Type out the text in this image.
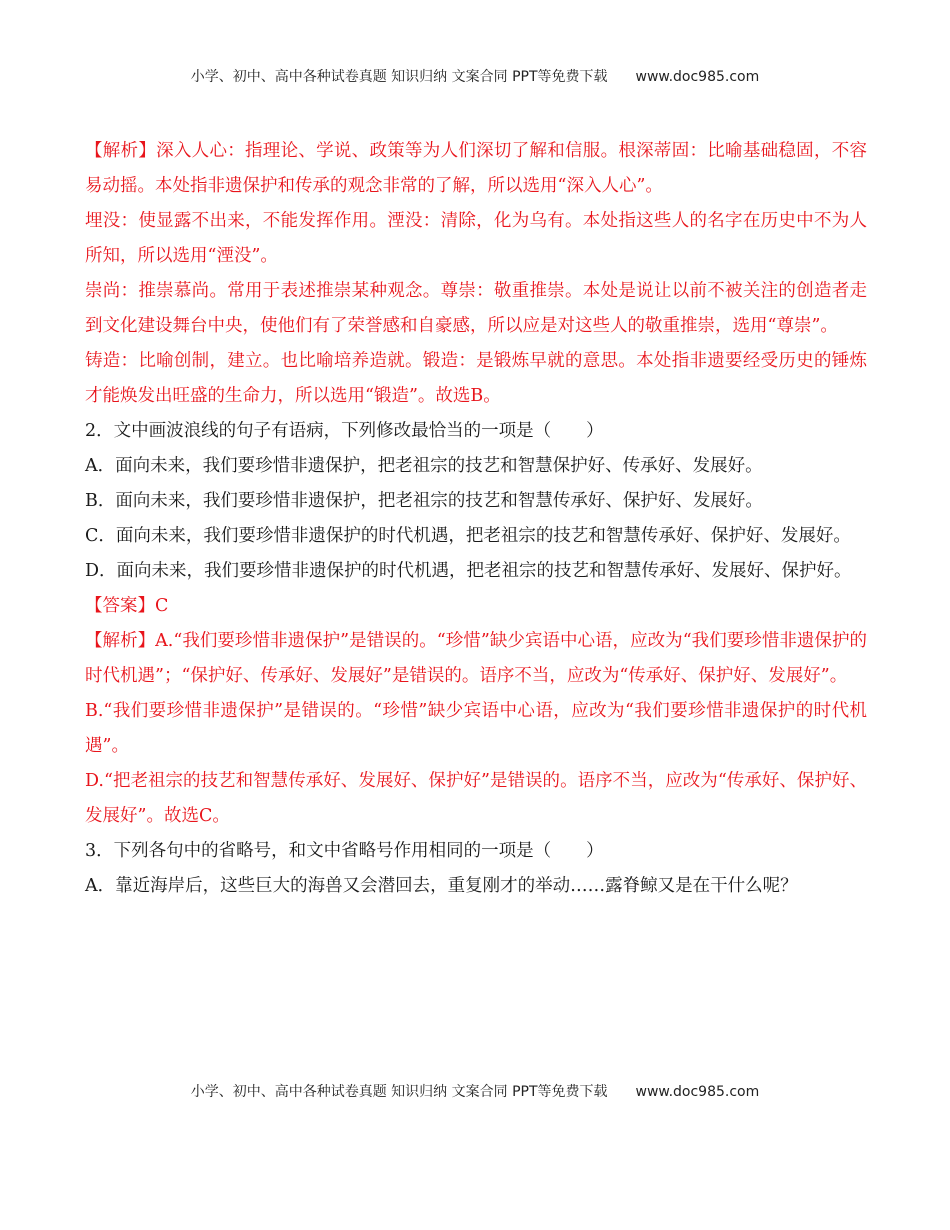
小学、初中、高中各种试卷真题 知识归纳 文案合同 PPT等免费下载 www.doc985.com

【解析】深入人心：指理论、学说、政策等为人们深切了解和信服。根深蒂固：比喻基础稳固，不容易动摇。本处指非遗保护和传承的观念非常的了解，所以选用“深入人心”。

埋没：使显露不出来，不能发挥作用。湮没：清除，化为乌有。本处指这些人的名字在历史中不为人所知，所以选用“湮没”。

崇尚：推崇慕尚。常用于表述推崇某种观念。尊崇：敬重推崇。本处是说让以前不被关注的创造者走到文化建设舞台中央，使他们有了荣誉感和自豪感，所以应是对这些人的敬重推崇，选用“尊崇”。

铸造：比喻创制，建立。也比喻培养造就。锻造：是锻炼早就的意思。本处指非遗要经受历史的锤炼才能焕发出旺盛的生命力，所以选用“锻造”。故选B。

2．文中画波浪线的句子有语病，下列修改最恰当的一项是（　　）

A．面向未来，我们要珍惜非遗保护，把老祖宗的技艺和智慧保护好、传承好、发展好。

B．面向未来，我们要珍惜非遗保护，把老祖宗的技艺和智慧传承好、保护好、发展好。

C．面向未来，我们要珍惜非遗保护的时代机遇，把老祖宗的技艺和智慧传承好、保护好、发展好。

D．面向未来，我们要珍惜非遗保护的时代机遇，把老祖宗的技艺和智慧传承好、发展好、保护好。

【答案】C

【解析】A.“我们要珍惜非遗保护”是错误的。“珍惜”缺少宾语中心语，应改为“我们要珍惜非遗保护的时代机遇”；“保护好、传承好、发展好”是错误的。语序不当，应改为“传承好、保护好、发展好”。

B.“我们要珍惜非遗保护”是错误的。“珍惜”缺少宾语中心语，应改为“我们要珍惜非遗保护的时代机遇”。

D.“把老祖宗的技艺和智慧传承好、发展好、保护好”是错误的。语序不当，应改为“传承好、保护好、发展好”。故选C。

3．下列各句中的省略号，和文中省略号作用相同的一项是（　　）

A．靠近海岸后，这些巨大的海兽又会潜回去，重复刚才的举动……露脊鲸又是在干什么呢？

小学、初中、高中各种试卷真题 知识归纳 文案合同 PPT等免费下载 www.doc985.com
